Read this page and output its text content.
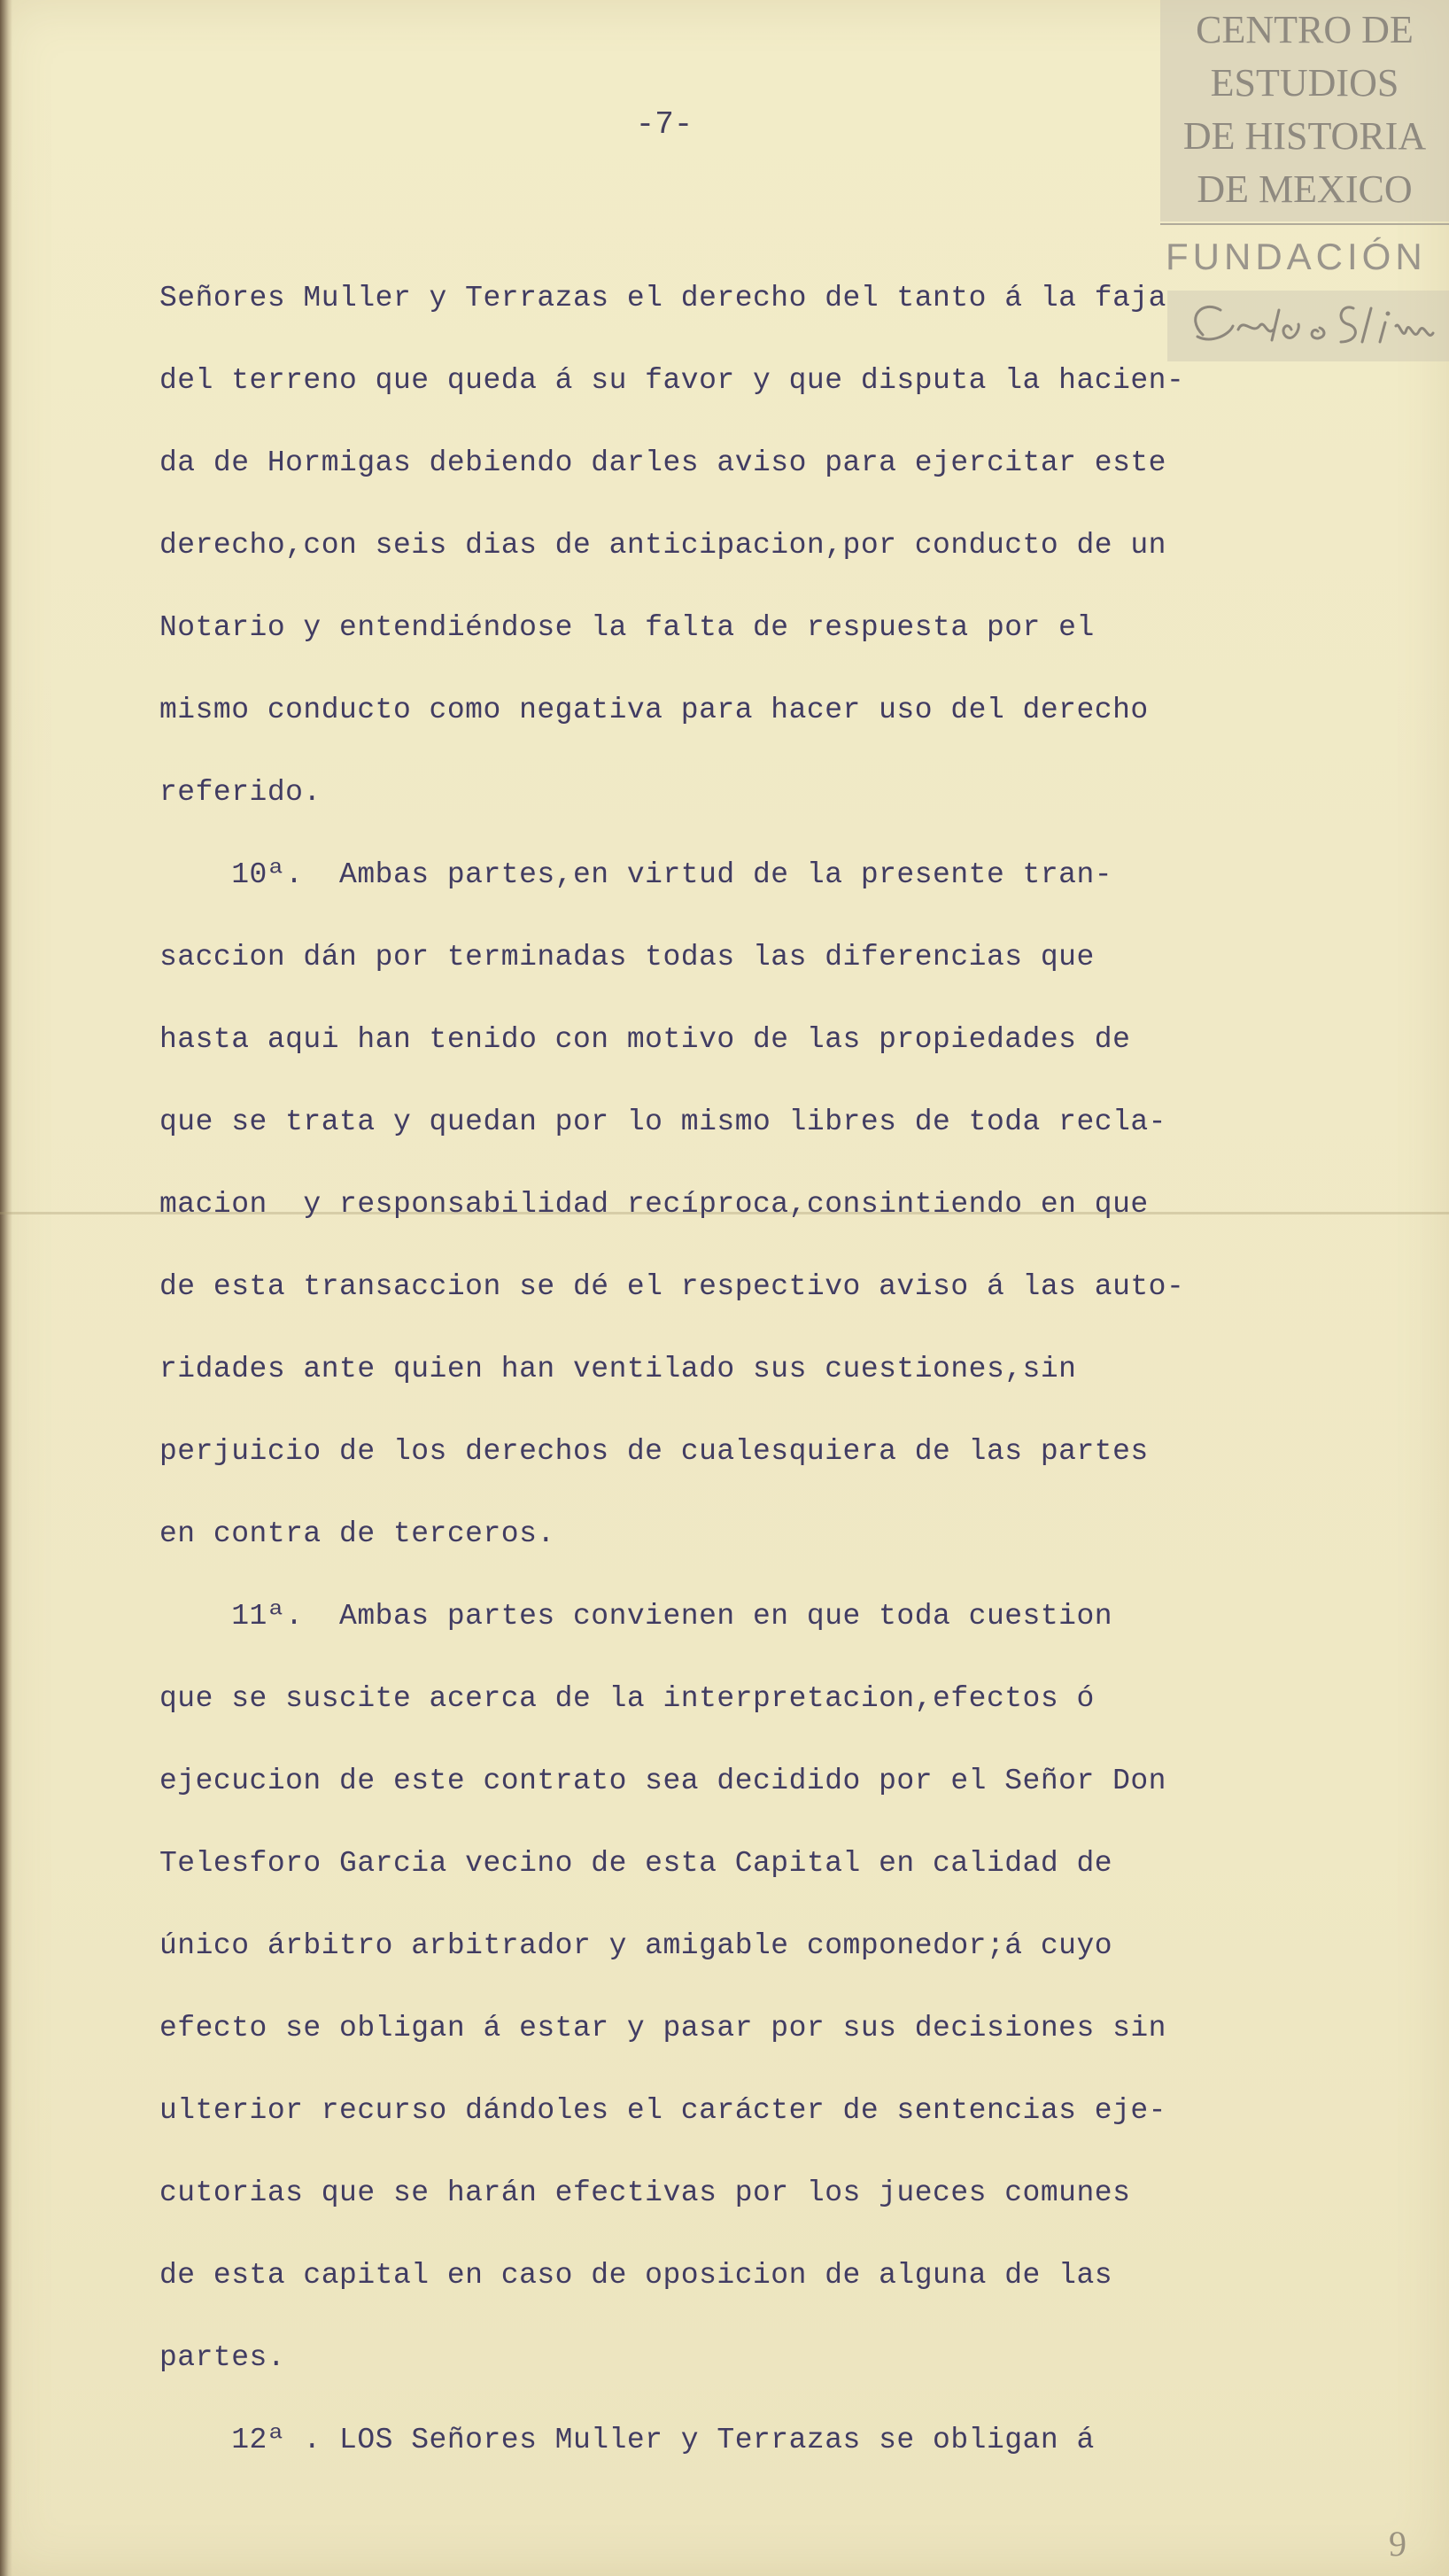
CENTRO DE
ESTUDIOS
DE HISTORIA
DE MEXICO
FUNDACIÓN
-7-
Señores Muller y Terrazas el derecho del tanto á la faja
del terreno que queda á su favor y que disputa la hacien-
da de Hormigas debiendo darles aviso para ejercitar este
derecho,con seis dias de anticipacion,por conducto de un
Notario y entendiéndose la falta de respuesta por el
mismo conducto como negativa para hacer uso del derecho
referido.
10ª.  Ambas partes,en virtud de la presente tran-
saccion dán por terminadas todas las diferencias que
hasta aqui han tenido con motivo de las propiedades de
que se trata y quedan por lo mismo libres de toda recla-
macion  y responsabilidad recíproca,consintiendo en que
de esta transaccion se dé el respectivo aviso á las auto-
ridades ante quien han ventilado sus cuestiones,sin
perjuicio de los derechos de cualesquiera de las partes
en contra de terceros.
11ª.  Ambas partes convienen en que toda cuestion
que se suscite acerca de la interpretacion,efectos ó
ejecucion de este contrato sea decidido por el Señor Don
Telesforo Garcia vecino de esta Capital en calidad de
único árbitro arbitrador y amigable componedor;á cuyo
efecto se obligan á estar y pasar por sus decisiones sin
ulterior recurso dándoles el carácter de sentencias eje-
cutorias que se harán efectivas por los jueces comunes
de esta capital en caso de oposicion de alguna de las
partes.
12ª . LOS Señores Muller y Terrazas se obligan á
9
